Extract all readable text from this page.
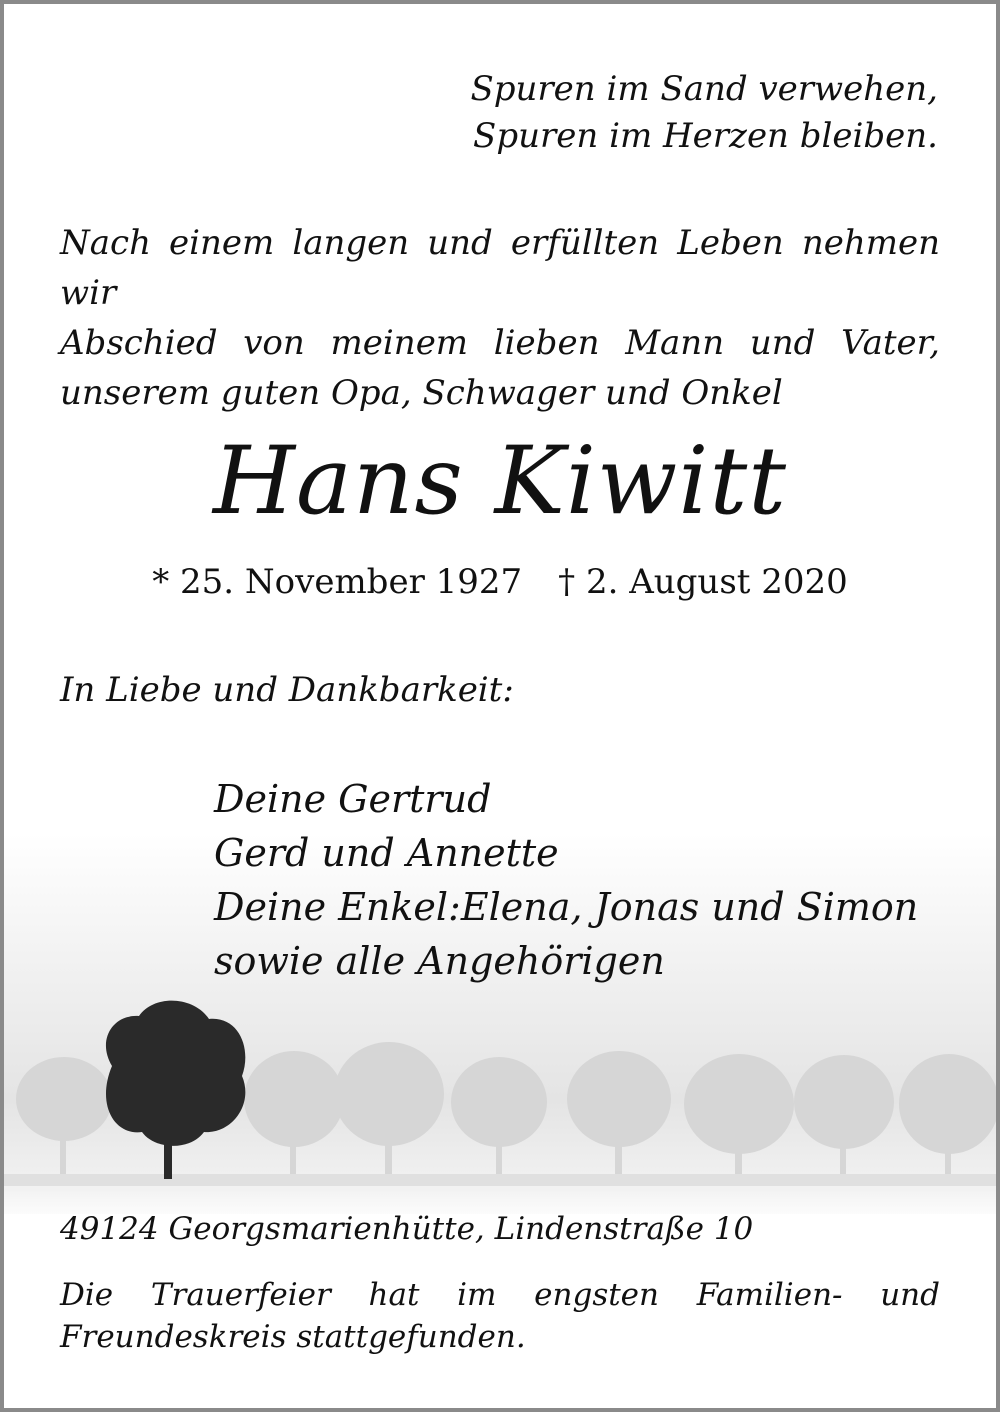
Spuren im Sand verwehen,
Spuren im Herzen bleiben.
Nach einem langen und erfüllten Leben nehmen wir
Abschied von meinem lieben Mann und Vater,
unserem guten Opa, Schwager und Onkel
Hans Kiwitt
* 25. November 1927 † 2. August 2020
In Liebe und Dankbarkeit:
Deine Gertrud
Gerd und Annette
Deine Enkel:Elena, Jonas und Simon
sowie alle Angehörigen
49124 Georgsmarienhütte, Lindenstraße 10
Die Trauerfeier hat im engsten Familien- und
Freundeskreis stattgefunden.
